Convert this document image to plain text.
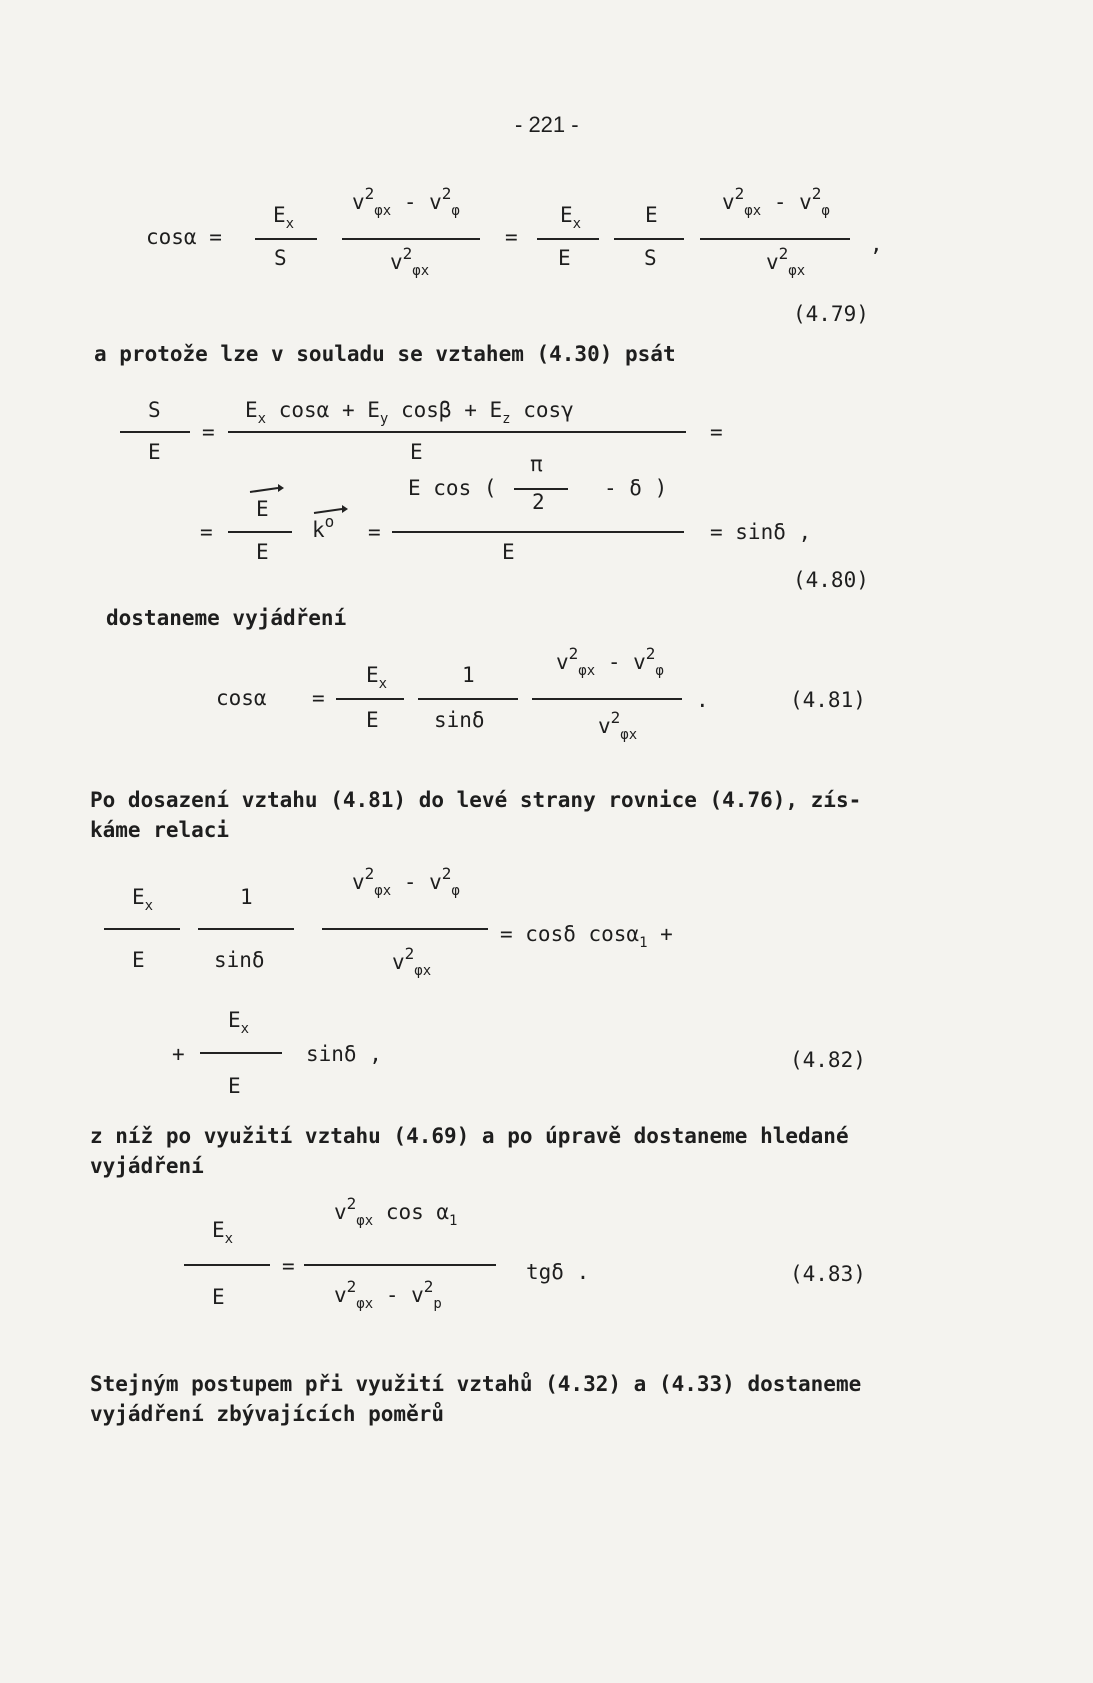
- 221 -
cosα =
$E_x$
S
$v^2_{\varphi x} - v^2_\varphi$
$v^2_{\varphi x}$
=
$E_x$
E
E
S
$v^2_{\varphi x} - v^2_\varphi$
$v^2_{\varphi x}$
,
(4.79)
a protože lze v souladu se vztahem (4.30) psát
S
E
=
$E_x$ $\cos\alpha + E_y$ $\cos\beta + E_z$ cosγ
E
=
=
E
E
$k^o$ =
E cos (
π
2
- δ )
E
= sinδ ,
(4.80)
dostaneme vyjádření
cosα =
$E_x$
E
1
sinδ
$v^2_{\varphi x} - v^2_\varphi$
$v^2_{\varphi x}$
.	(4.81)
Po dosazení vztahu (4.81) do levé strany rovnice (4.76), zís-
káme relaci
$E_x$
E
1
sinδ
$v^2_{\varphi x} - v^2_\varphi$
$v^2_{\varphi x}$
= cosδ cosα$_1$ +
+
$E_x$
E
sinδ ,	(4.82)
z níž po využití vztahu (4.69) a po úpravě dostaneme hledané
vyjádření
$E_x$
E
=
$v^2_{\varphi x}$ $\cos \alpha_1$
$v^2_{\varphi x} - v^2_p$
tgδ .	(4.83)
Stejným postupem při využití vztahů (4.32) a (4.33) dostaneme
vyjádření zbývajících poměrů
